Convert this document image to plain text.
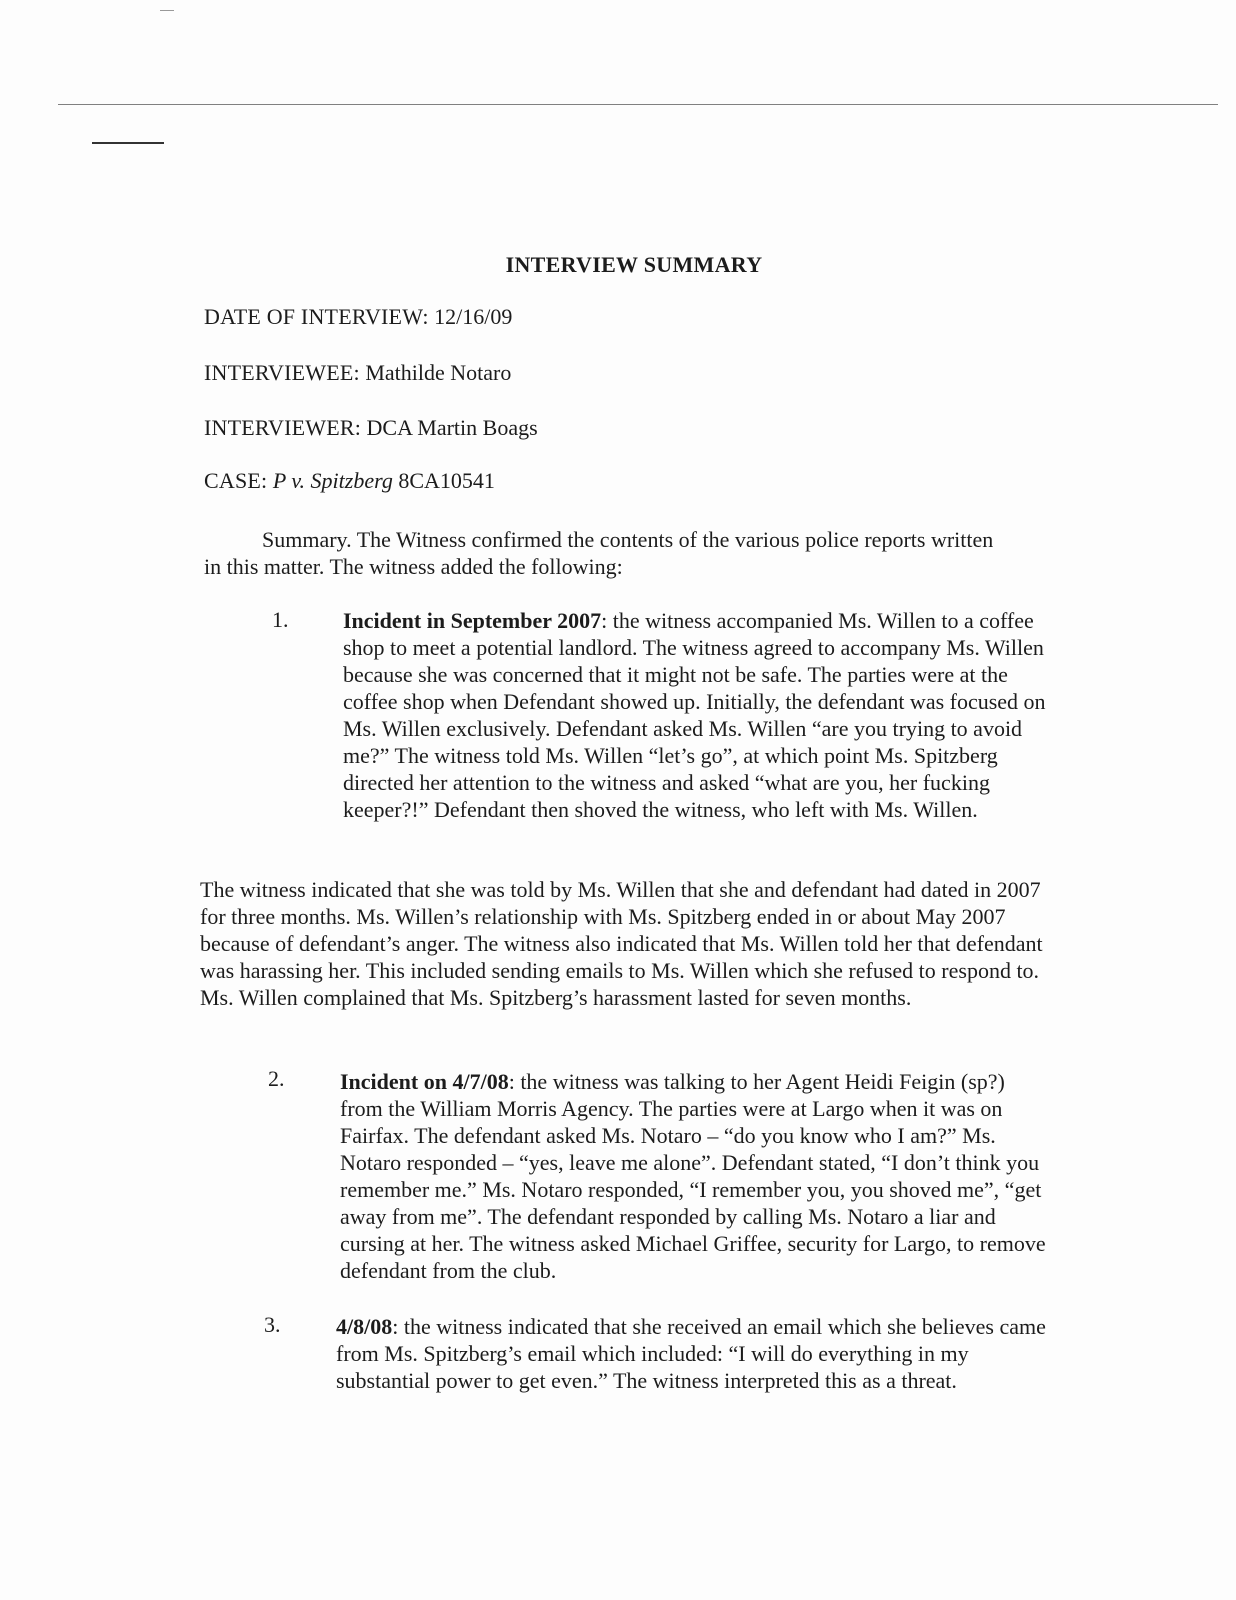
INTERVIEW SUMMARY
DATE OF INTERVIEW: 12/16/09
INTERVIEWEE: Mathilde Notaro
INTERVIEWER: DCA Martin Boags
CASE: P v. Spitzberg 8CA10541
Summary. The Witness confirmed the contents of the various police reports written in this matter. The witness added the following:
1. Incident in September 2007: the witness accompanied Ms. Willen to a coffee shop to meet a potential landlord. The witness agreed to accompany Ms. Willen because she was concerned that it might not be safe. The parties were at the coffee shop when Defendant showed up. Initially, the defendant was focused on Ms. Willen exclusively. Defendant asked Ms. Willen “are you trying to avoid me?” The witness told Ms. Willen “let’s go”, at which point Ms. Spitzberg directed her attention to the witness and asked “what are you, her fucking keeper?!” Defendant then shoved the witness, who left with Ms. Willen.
The witness indicated that she was told by Ms. Willen that she and defendant had dated in 2007 for three months. Ms. Willen’s relationship with Ms. Spitzberg ended in or about May 2007 because of defendant’s anger. The witness also indicated that Ms. Willen told her that defendant was harassing her. This included sending emails to Ms. Willen which she refused to respond to. Ms. Willen complained that Ms. Spitzberg’s harassment lasted for seven months.
2.	Incident on 4/7/08: the witness was talking to her Agent Heidi Feigin (sp?) from the William Morris Agency. The parties were at Largo when it was on Fairfax. The defendant asked Ms. Notaro – “do you know who I am?” Ms. Notaro responded – “yes, leave me alone”. Defendant stated, “I don’t think you remember me.” Ms. Notaro responded, “I remember you, you shoved me”, “get away from me”. The defendant responded by calling Ms. Notaro a liar and cursing at her. The witness asked Michael Griffee, security for Largo, to remove defendant from the club.
3.	4/8/08: the witness indicated that she received an email which she believes came from Ms. Spitzberg’s email which included: “I will do everything in my substantial power to get even.” The witness interpreted this as a threat.
